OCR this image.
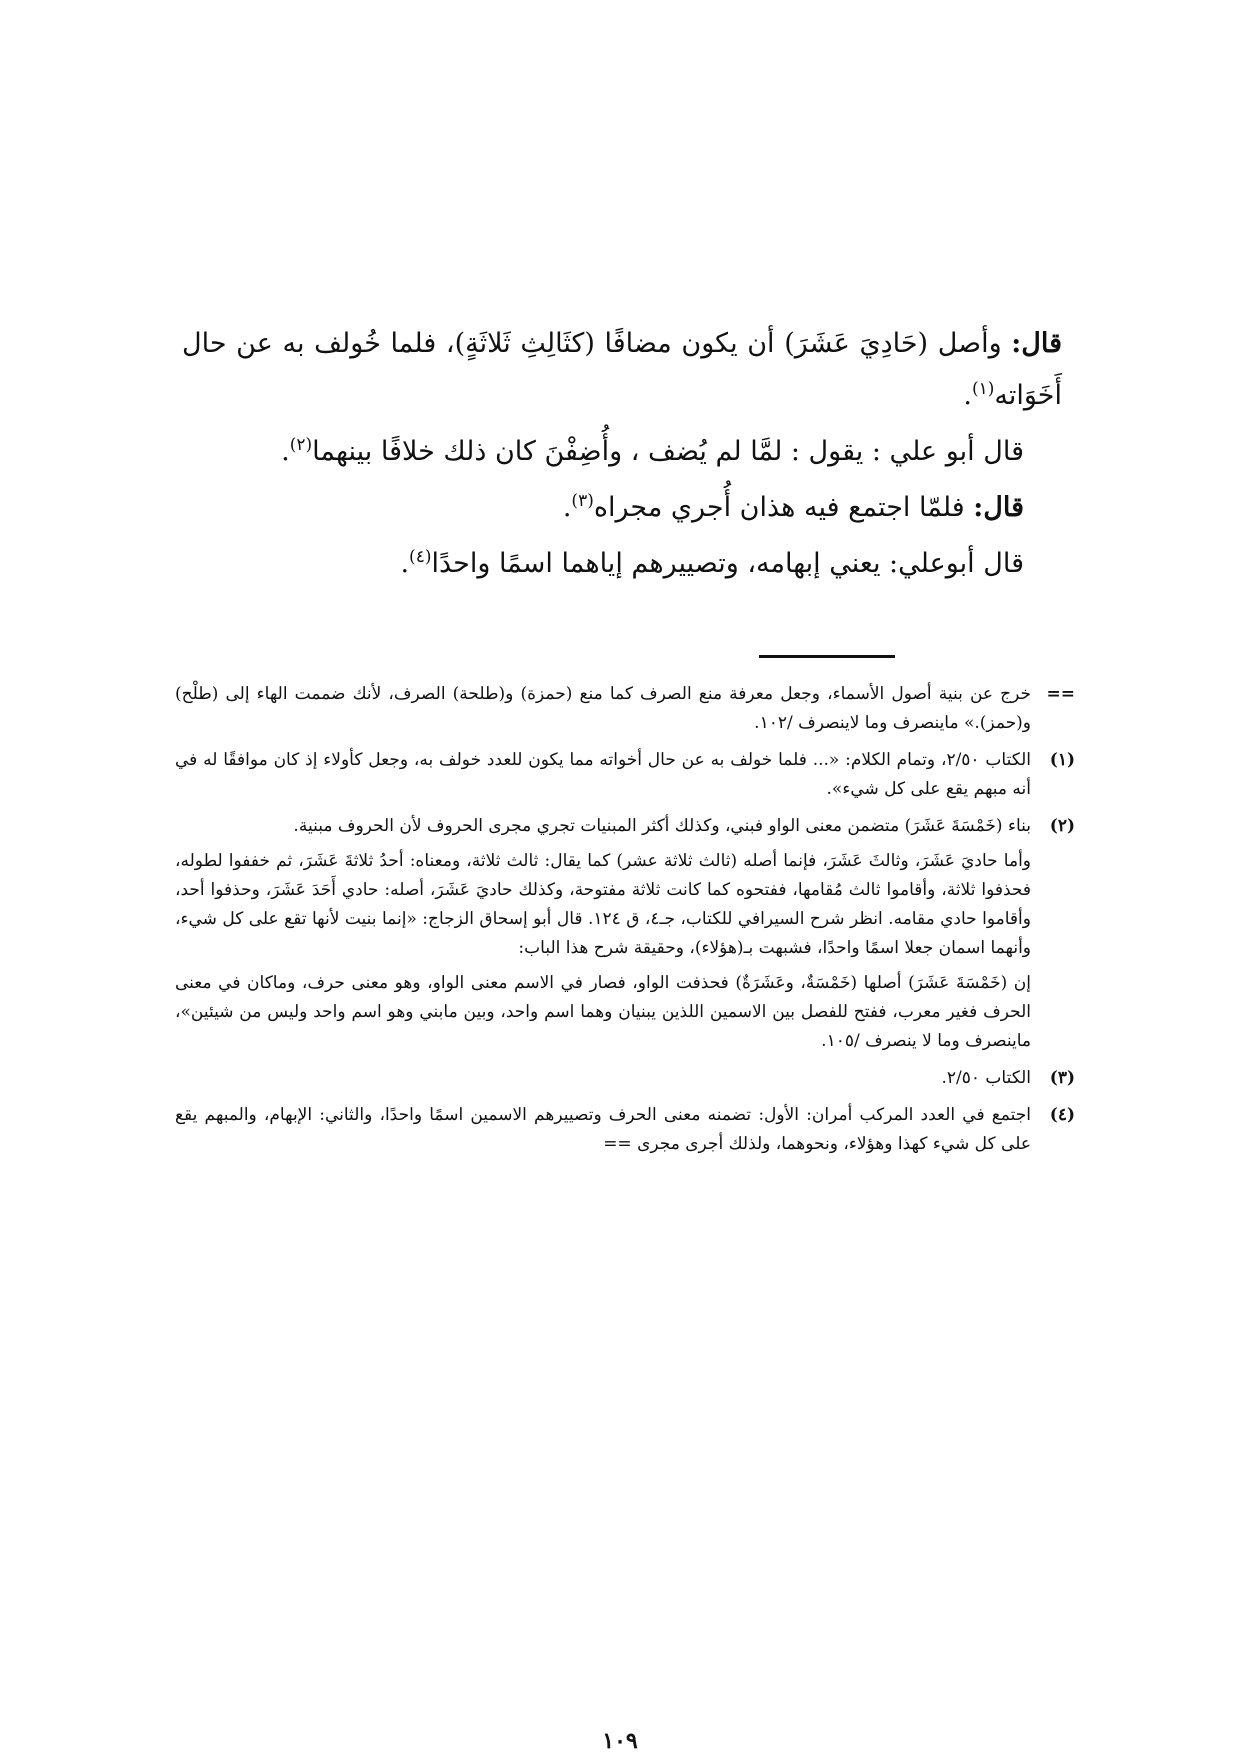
قال: وأصل (حَادِيَ عَشَرَ) أن يكون مضافًا (كثَالِثِ ثَلاثَةٍ)، فلما خُولف به عن حال أَخَوَاته$^{(١)}$.

قال أبو علي : يقول : لمَّا لم يُضف ، وأُضِفْنَ كان ذلك خلافًا بينهما$^{(٢)}$.

قال: فلمّا اجتمع فيه هذان أُجري مجراه$^{(٣)}$.

قال أبوعلي: يعني إبهامه، وتصييرهم إياهما اسمًا واحدًا$^{(٤)}$.

==

خرج عن بنية أصول الأسماء، وجعل معرفة منع الصرف كما منع (حمزة) و(طلحة) الصرف، لأنك ضممت الهاء إلى (طلْح) و(حمز).» ماينصرف وما لاينصرف /١٠٢.

(١)

الكتاب ٢/٥٠، وتمام الكلام: «... فلما خولف به عن حال أخواته مما يكون للعدد خولف به، وجعل كأولاء إذ كان موافقًا له في أنه مبهم يقع على كل شيء».

(٢)

بناء (خَمْسَةَ عَشَرَ) متضمن معنى الواو فبني، وكذلك أكثر المبنيات تجري مجرى الحروف لأن الحروف مبنية.

وأما حاديَ عَشَرَ، وثالثَ عَشَرَ، فإنما أصله (ثالث ثلاثة عشر) كما يقال: ثالث ثلاثة، ومعناه: أحدُ ثلاثةَ عَشَرَ، ثم خففوا لطوله، فحذفوا ثلاثة، وأقاموا ثالث مُقامها، ففتحوه كما كانت ثلاثة مفتوحة، وكذلك حاديَ عَشَرَ، أصله: حادي أَحَدَ عَشَرَ، وحذفوا أحد، وأقاموا حادي مقامه. انظر شرح السيرافي للكتاب، جـ٤، ق ١٢٤. قال أبو إسحاق الزجاج: «إنما بنيت لأنها تقع على كل شيء، وأنهما اسمان جعلا اسمًا واحدًا، فشبهت بـ(هؤلاء)، وحقيقة شرح هذا الباب:

إن (خَمْسَةَ عَشَرَ) أصلها (خَمْسَةٌ، وعَشَرَةٌ) فحذفت الواو، فصار في الاسم معنى الواو، وهو معنى حرف، وماكان في معنى الحرف فغير معرب، ففتح للفصل بين الاسمين اللذين يبنيان وهما اسم واحد، وبين مابني وهو اسم واحد وليس من شيئين»، ماينصرف وما لا ينصرف /١٠٥.

(٣)

الكتاب ٢/٥٠.

(٤)

اجتمع في العدد المركب أمران: الأول: تضمنه معنى الحرف وتصييرهم الاسمين اسمًا واحدًا، والثاني: الإبهام، والمبهم يقع على كل شيء كهذا وهؤلاء، ونحوهما، ولذلك أجرى مجرى ==

١٠٩
